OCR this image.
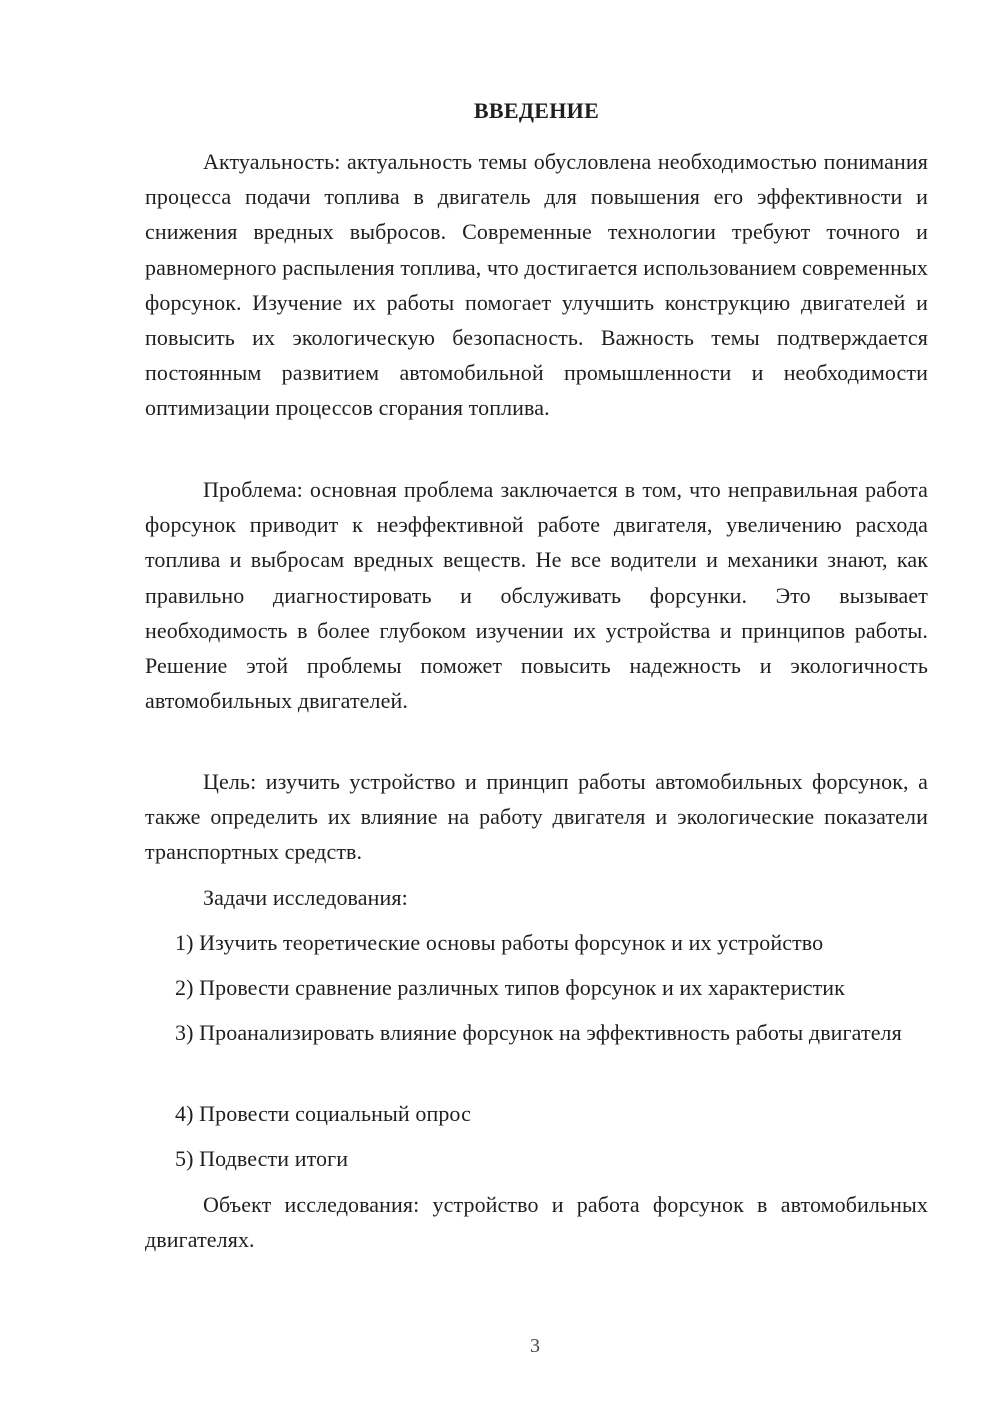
ВВЕДЕНИЕ

Актуальность: актуальность темы обусловлена необходимостью понимания процесса подачи топлива в двигатель для повышения его эффективности и снижения вредных выбросов. Современные технологии требуют точного и равномерного распыления топлива, что достигается использованием современных форсунок. Изучение их работы помогает улучшить конструкцию двигателей и повысить их экологическую безопасность. Важность темы подтверждается постоянным развитием автомобильной промышленности и необходимости оптимизации процессов сгорания топлива.

Проблема: основная проблема заключается в том, что неправильная работа форсунок приводит к неэффективной работе двигателя, увеличению расхода топлива и выбросам вредных веществ. Не все водители и механики знают, как правильно диагностировать и обслуживать форсунки. Это вызывает необходимость в более глубоком изучении их устройства и принципов работы. Решение этой проблемы поможет повысить надежность и экологичность автомобильных двигателей.

Цель: изучить устройство и принцип работы автомобильных форсунок, а также определить их влияние на работу двигателя и экологические показатели транспортных средств.

Задачи исследования:

1) Изучить теоретические основы работы форсунок и их устройство

2) Провести сравнение различных типов форсунок и их характеристик

3) Проанализировать влияние форсунок на эффективность работы двигателя

4) Провести социальный опрос

5) Подвести итоги

Объект исследования: устройство и работа форсунок в автомобильных двигателях.

3
